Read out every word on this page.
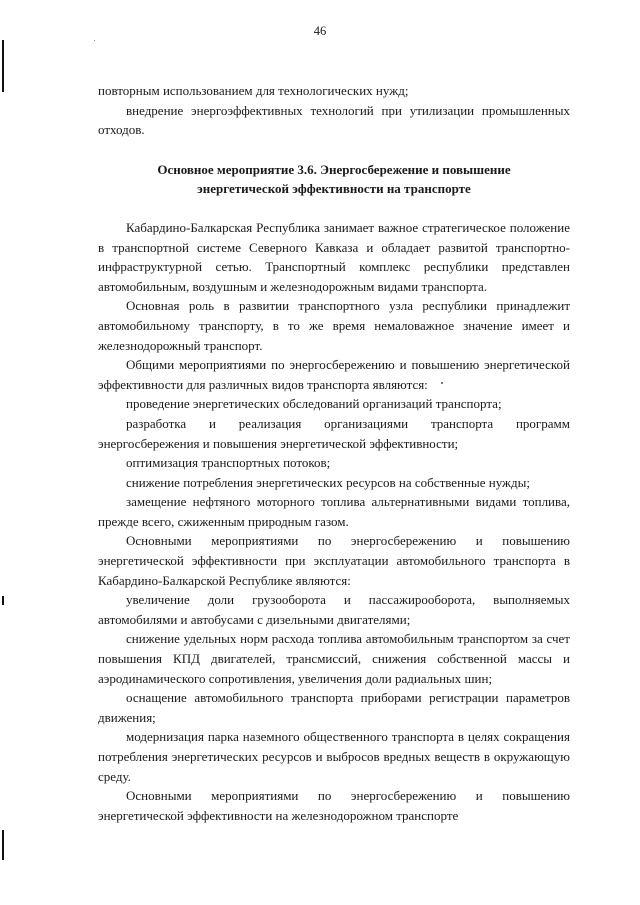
46

повторным использованием для технологических нужд;

внедрение энергоэффективных технологий при утилизации промышленных отходов.

Основное мероприятие 3.6. Энергосбережение и повышение
энергетической эффективности на транспорте

Кабардино-Балкарская Республика занимает важное стратегическое положение в транспортной системе Северного Кавказа и обладает развитой транспортно-инфраструктурной сетью. Транспортный комплекс республики представлен автомобильным, воздушным и железнодорожным видами транспорта.

Основная роль в развитии транспортного узла республики принадлежит автомобильному транспорту, в то же время немаловажное значение имеет и железнодорожный транспорт.

Общими мероприятиями по энергосбережению и повышению энергетической эффективности для различных видов транспорта являются:

проведение энергетических обследований организаций транспорта;

разработка и реализация организациями транспорта программ энергосбережения и повышения энергетической эффективности;

оптимизация транспортных потоков;

снижение потребления энергетических ресурсов на собственные нужды;

замещение нефтяного моторного топлива альтернативными видами топлива, прежде всего, сжиженным природным газом.

Основными мероприятиями по энергосбережению и повышению энергетической эффективности при эксплуатации автомобильного транспорта в Кабардино-Балкарской Республике являются:

увеличение доли грузооборота и пассажирооборота, выполняемых автомобилями и автобусами с дизельными двигателями;

снижение удельных норм расхода топлива автомобильным транспортом за счет повышения КПД двигателей, трансмиссий, снижения собственной массы и аэродинамического сопротивления, увеличения доли радиальных шин;

оснащение автомобильного транспорта приборами регистрации параметров движения;

модернизация парка наземного общественного транспорта в целях сокращения потребления энергетических ресурсов и выбросов вредных веществ в окружающую среду.

Основными мероприятиями по энергосбережению и повышению энергетической эффективности на железнодорожном транспорте
